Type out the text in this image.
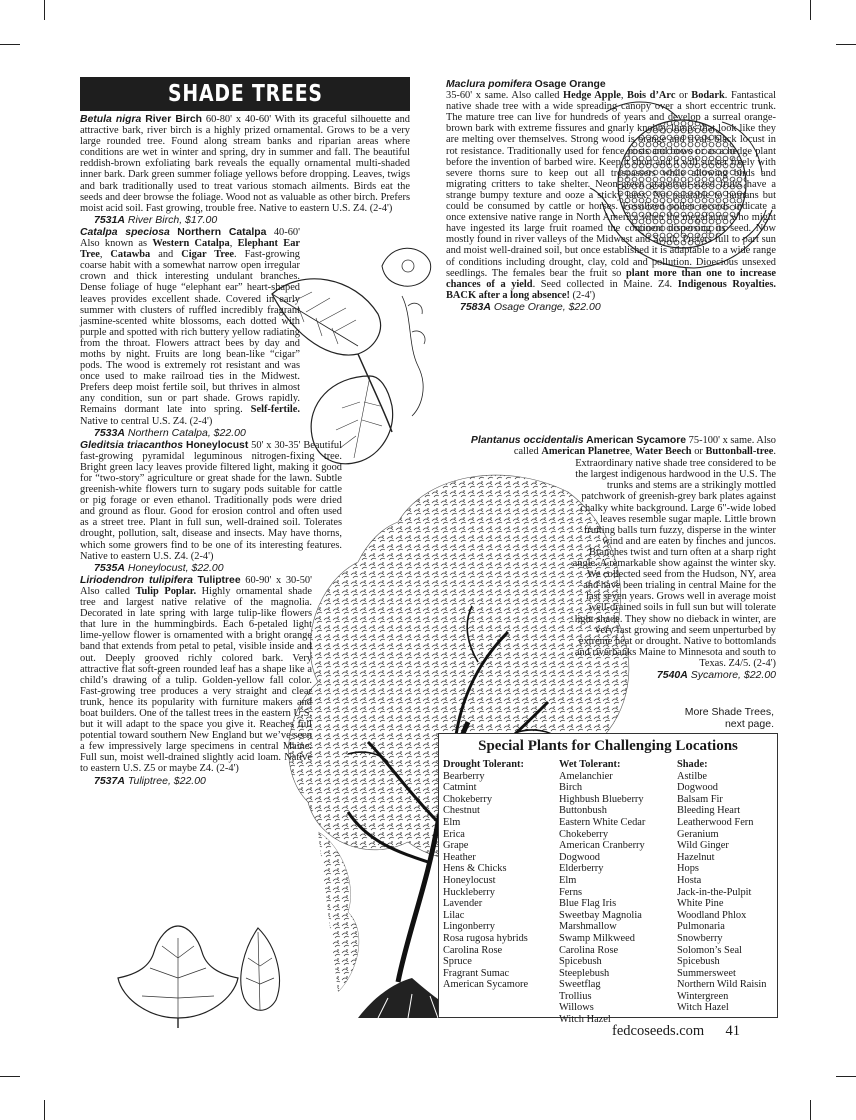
SHADE TREES

Betula nigra River Birch 60-80' x 40-60' With its graceful silhouette and attractive bark, river birch is a highly prized ornamental. Grows to be a very large rounded tree. Found along stream banks and riparian areas where conditions are wet in winter and spring, dry in summer and fall. The beautiful reddish-brown exfoliating bark reveals the equally ornamental multi-shaded inner bark. Dark green summer foliage yellows before dropping. Leaves, twigs and bark traditionally used to treat various stomach ailments. Birds eat the seeds and deer browse the foliage. Wood not as valuable as other birch. Prefers moist acid soil. Fast growing, trouble free. Native to eastern U.S. Z4. (2-4')

7531A River Birch, $17.00

Catalpa speciosa Northern Catalpa 40-60' Also known as Western Catalpa, Elephant Ear Tree, Catawba and Cigar Tree. Fast-growing coarse habit with a somewhat narrow open irregular crown and thick interesting undulant branches. Dense foliage of huge “elephant ear” heart-shaped leaves provides excellent shade. Covered in early summer with clusters of ruffled incredibly fragrant jasmine-scented white blossoms, each dotted with purple and spotted with rich buttery yellow radiating from the throat. Flowers attract bees by day and moths by night. Fruits are long bean-like “cigar” pods. The wood is extremely rot resistant and was once used to make railroad ties in the Midwest. Prefers deep moist fertile soil, but thrives in almost any condition, sun or part shade. Grows rapidly. Remains dormant late into spring. Self-fertile. Native to central U.S. Z4. (2-4')

7533A Northern Catalpa, $22.00

Gleditsia triacanthos Honeylocust 50' x 30-35' Beautiful fast-growing pyramidal leguminous nitrogen-fixing tree. Bright green lacy leaves provide filtered light, making it good for “two-story” agriculture or great shade for the lawn. Subtle greenish-white flowers turn to sugary pods suitable for cattle or pig forage or even ethanol. Traditionally pods were dried and ground as flour. Good for erosion control and often used as a street tree. Plant in full sun, well-drained soil. Tolerates drought, pollution, salt, disease and insects. May have thorns, which some growers find to be one of its interesting features. Native to eastern U.S. Z4. (2-4')

7535A Honeylocust, $22.00

Liriodendron tulipifera Tuliptree 60-90' x 30-50' Also called Tulip Poplar. Highly ornamental shade tree and largest native relative of the magnolia. Decorated in late spring with large tulip-like flowers that lure in the hummingbirds. Each 6-petaled light lime-yellow flower is ornamented with a bright orange band that extends from petal to petal, visible inside and out. Deeply grooved richly colored bark. Very attractive flat soft-green rounded leaf has a shape like a child’s drawing of a tulip. Golden-yellow fall color. Fast-growing tree produces a very straight and clear trunk, hence its popularity with furniture makers and boat builders. One of the tallest trees in the eastern U.S. but it will adapt to the space you give it. Reaches full potential toward southern New England but we’ve seen a few impressively large specimens in central Maine. Full sun, moist well-drained slightly acid loam. Native to eastern U.S. Z5 or maybe Z4. (2-4')

7537A Tuliptree, $22.00

Maclura pomifera Osage Orange
35-60' x same. Also called Hedge Apple, Bois d’Arc or Bodark. Fantastical native shade tree with a wide spreading canopy over a short eccentric trunk. The mature tree can live for hundreds of years and develop a surreal orange-brown bark with extreme fissures and gnarly knobby lumps that look like they are melting over themselves. Strong wood is orange and rivals black locust in rot resistance. Traditionally used for fence posts and bows or as a hedge plant before the invention of barbed wire. Keep it short and it will sucker freely with severe thorns sure to keep out all trespassers while allowing birds and migrating critters to take shelter. Neon-green grapefruit-sized fruits have a strange bumpy texture and ooze a sticky latex. Not palatable to humans but could be consumed by cattle or horses. Fossilized pollen records indicate a once extensive native range in North America when the megafauna who might have ingested its large fruit roamed the continent dispersing its seed. Now mostly found in river valleys of the Midwest and South. Prefers full to part sun and moist well-drained soil, but once established it is adaptable to a wide range of conditions including drought, clay, cold and pollution. Dioecious unsexed seedlings. The females bear the fruit so plant more than one to increase chances of a yield. Seed collected in Maine. Z4. Indigenous Royalties. BACK after a long absence! (2-4')

7583A Osage Orange, $22.00

Plantanus occidentalis American Sycamore 75-100' x same. Also called American Planetree, Water Beech or Buttonball-tree.

Extraordinary native shade tree considered to be the largest indigenous hardwood in the U.S. The trunks and stems are a strikingly mottled patchwork of greenish-grey bark plates against chalky white background. Large 6"-wide lobed leaves resemble sugar maple. Little brown fruiting balls turn fuzzy, disperse in the winter wind and are eaten by finches and juncos. Branches twist and turn often at a sharp right angle. A remarkable show against the winter sky. We collected seed from the Hudson, NY, area and have been trialing in central Maine for the last seven years. Grows well in average moist well-drained soils in full sun but will tolerate light shade. They show no dieback in winter, are very fast growing and seem unperturbed by extreme heat or drought. Native to bottomlands and riverbanks Maine to Minnesota and south to Texas. Z4/5. (2-4')

7540A Sycamore, $22.00
More Shade Trees,
next page.
Special Plants for Challenging Locations
Drought Tolerant:
Bearberry
Catmint
Chokeberry
Chestnut
Elm
Erica
Grape
Heather
Hens & Chicks
Honeylocust
Huckleberry
Lavender
Lilac
Lingonberry
Rosa rugosa hybrids
Carolina Rose
Spruce
Fragrant Sumac
American Sycamore
Wet Tolerant:
Amelanchier
Birch
Highbush Blueberry
Buttonbush
Eastern White Cedar
Chokeberry
American Cranberry
Dogwood
Elderberry
Elm
Ferns
Blue Flag Iris
Sweetbay Magnolia
Marshmallow
Swamp Milkweed
Carolina Rose
Spicebush
Steeplebush
Sweetflag
Trollius
Willows
Witch Hazel
Shade:
Astilbe
Dogwood
Balsam Fir
Bleeding Heart
Leatherwood Fern
Geranium
Wild Ginger
Hazelnut
Hops
Hosta
Jack-in-the-Pulpit
White Pine
Woodland Phlox
Pulmonaria
Snowberry
Solomon’s Seal
Spicebush
Summersweet
Northern Wild Raisin
Wintergreen
Witch Hazel
fedcoseeds.com 41
